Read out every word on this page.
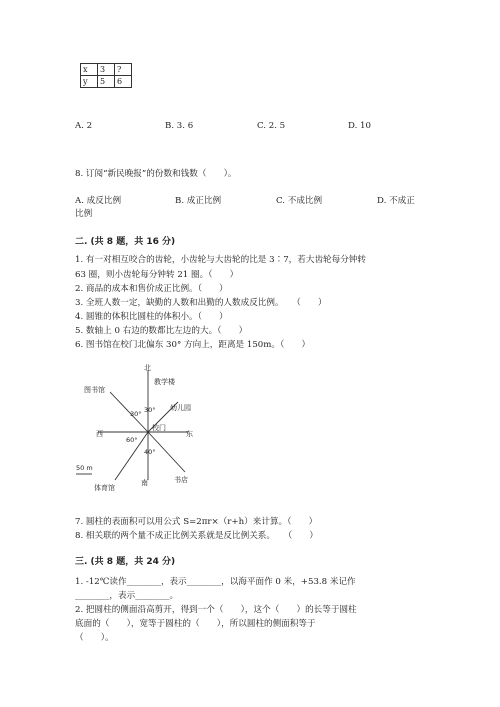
x	3	?
y	5	6
A. 2	B. 3. 6	C. 2. 5	D. 10
8. 订阅“新民晚报”的份数和钱数（　　）。
A. 成反比例	B. 成正比例	C. 不成比例	D. 不成正
比例
二. (共 8 题，共 16 分)
1. 有一对相互咬合的齿轮，小齿轮与大齿轮的比是 3∶7，若大齿轮每分钟转
63 圈，则小齿轮每分钟转 21 圈。（　　）
2. 商品的成本和售价成正比例。（　　）
3. 全班人数一定，缺勤的人数和出勤的人数成反比例。　　（　　）
4. 圆锥的体积比圆柱的体积小。（　　）
5. 数轴上 0 右边的数都比左边的大。（　　）
6. 图书馆在校门北偏东 30° 方向上，距离是 150m。（　　）
北
教学楼
图书馆
幼儿园
西	东
校门
南
体育馆
书店
30° 30°
60°
40°
50 m
7. 圆柱的表面积可以用公式 S=2πr×（r+h）来计算。（　　）
8. 相关联的两个量不成正比例关系就是反比例关系。　　（　　）
三. (共 8 题，共 24 分)
1. -12℃读作________，表示________，以海平面作 0 米，+53.8 米记作
________，表示________。
2. 把圆柱的侧面沿高剪开，得到一个（　　），这个（　　）的长等于圆柱
底面的（　　），宽等于圆柱的（　　），所以圆柱的侧面积等于
（　　）。
